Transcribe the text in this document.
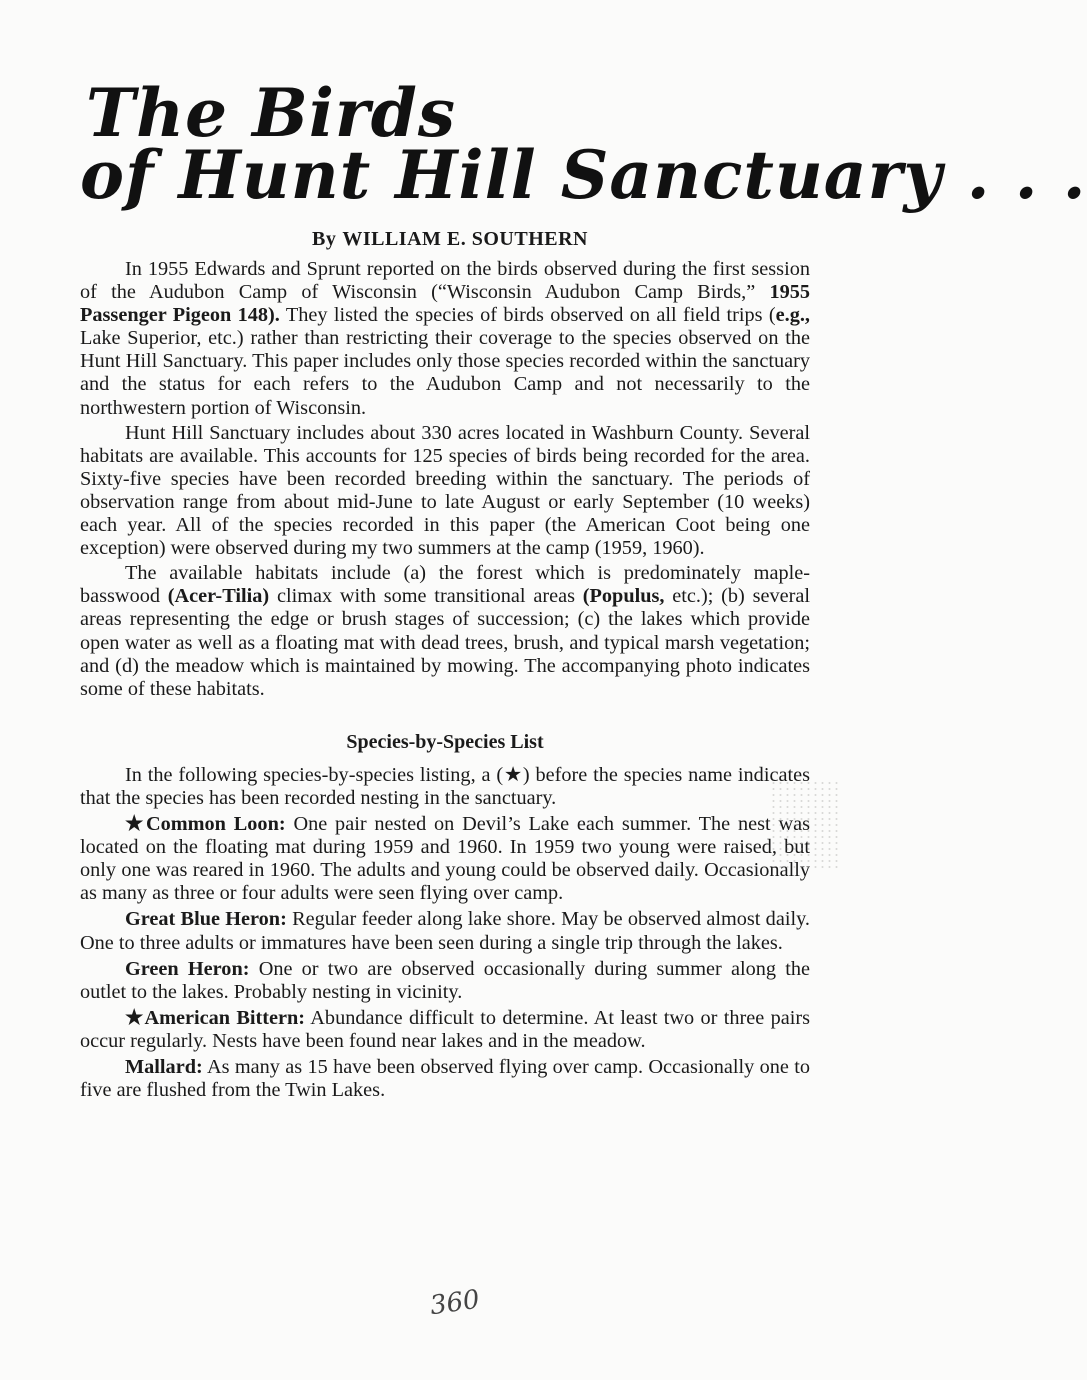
The Birds
of Hunt Hill Sanctuary . . .
By WILLIAM E. SOUTHERN

In 1955 Edwards and Sprunt reported on the birds observed during the first session of the Audubon Camp of Wisconsin (“Wisconsin Audubon Camp Birds,” 1955 Passenger Pigeon 148). They listed the species of birds observed on all field trips (e.g., Lake Superior, etc.) rather than restricting their coverage to the species observed on the Hunt Hill Sanctuary. This paper includes only those species recorded within the sanctuary and the status for each refers to the Audubon Camp and not necessarily to the northwestern portion of Wisconsin.

Hunt Hill Sanctuary includes about 330 acres located in Washburn County. Several habitats are available. This accounts for 125 species of birds being recorded for the area. Sixty-five species have been recorded breeding within the sanctuary. The periods of observation range from about mid-June to late August or early September (10 weeks) each year. All of the species recorded in this paper (the American Coot being one exception) were observed during my two summers at the camp (1959, 1960).

The available habitats include (a) the forest which is predominately maple-basswood (Acer-Tilia) climax with some transitional areas (Populus, etc.); (b) several areas representing the edge or brush stages of succession; (c) the lakes which provide open water as well as a floating mat with dead trees, brush, and typical marsh vegetation; and (d) the meadow which is maintained by mowing. The accompanying photo indicates some of these habitats.

Species-by-Species List

In the following species-by-species listing, a (★) before the species name indicates that the species has been recorded nesting in the sanctuary.

★Common Loon: One pair nested on Devil’s Lake each summer. The nest was located on the floating mat during 1959 and 1960. In 1959 two young were raised, but only one was reared in 1960. The adults and young could be observed daily. Occasionally as many as three or four adults were seen flying over camp.

Great Blue Heron: Regular feeder along lake shore. May be observed almost daily. One to three adults or immatures have been seen during a single trip through the lakes.

Green Heron: One or two are observed occasionally during summer along the outlet to the lakes. Probably nesting in vicinity.

★American Bittern: Abundance difficult to determine. At least two or three pairs occur regularly. Nests have been found near lakes and in the meadow.

Mallard: As many as 15 have been observed flying over camp. Occasionally one to five are flushed from the Twin Lakes.

360
